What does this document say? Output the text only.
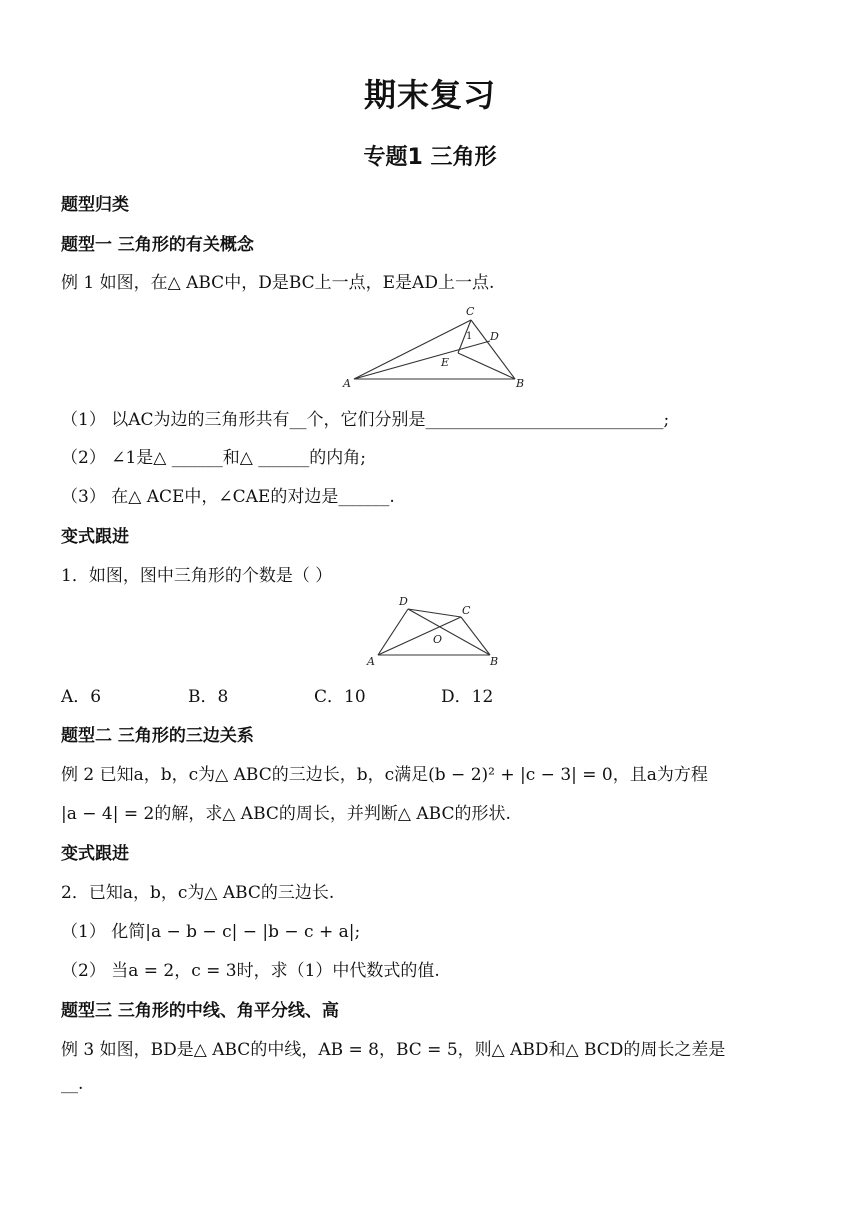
期末复习
专题1 三角形
题型归类
题型一 三角形的有关概念
例 1 如图，在△ ABC中，D是BC上一点，E是AD上一点.
A	B
C
D
E
1
（1） 以AC为边的三角形共有__个，它们分别是____________________________;
（2） ∠1是△ ______和△ ______的内角;
（3） 在△ ACE中，∠CAE的对边是______.
变式跟进
1．如图，图中三角形的个数是（ ）
A	B
C
D
O
A．6	B．8	C．10	D．12
题型二 三角形的三边关系
例 2 已知a，b，c为△ ABC的三边长，b，c满足(b − 2)² + |c − 3| = 0，且a为方程
|a − 4| = 2的解，求△ ABC的周长，并判断△ ABC的形状.
变式跟进
2．已知a，b，c为△ ABC的三边长.
（1） 化简|a − b − c| − |b − c + a|;
（2） 当a = 2，c = 3时，求（1）中代数式的值.
题型三 三角形的中线、角平分线、高
例 3 如图，BD是△ ABC的中线，AB = 8，BC = 5，则△ ABD和△ BCD的周长之差是
__.
